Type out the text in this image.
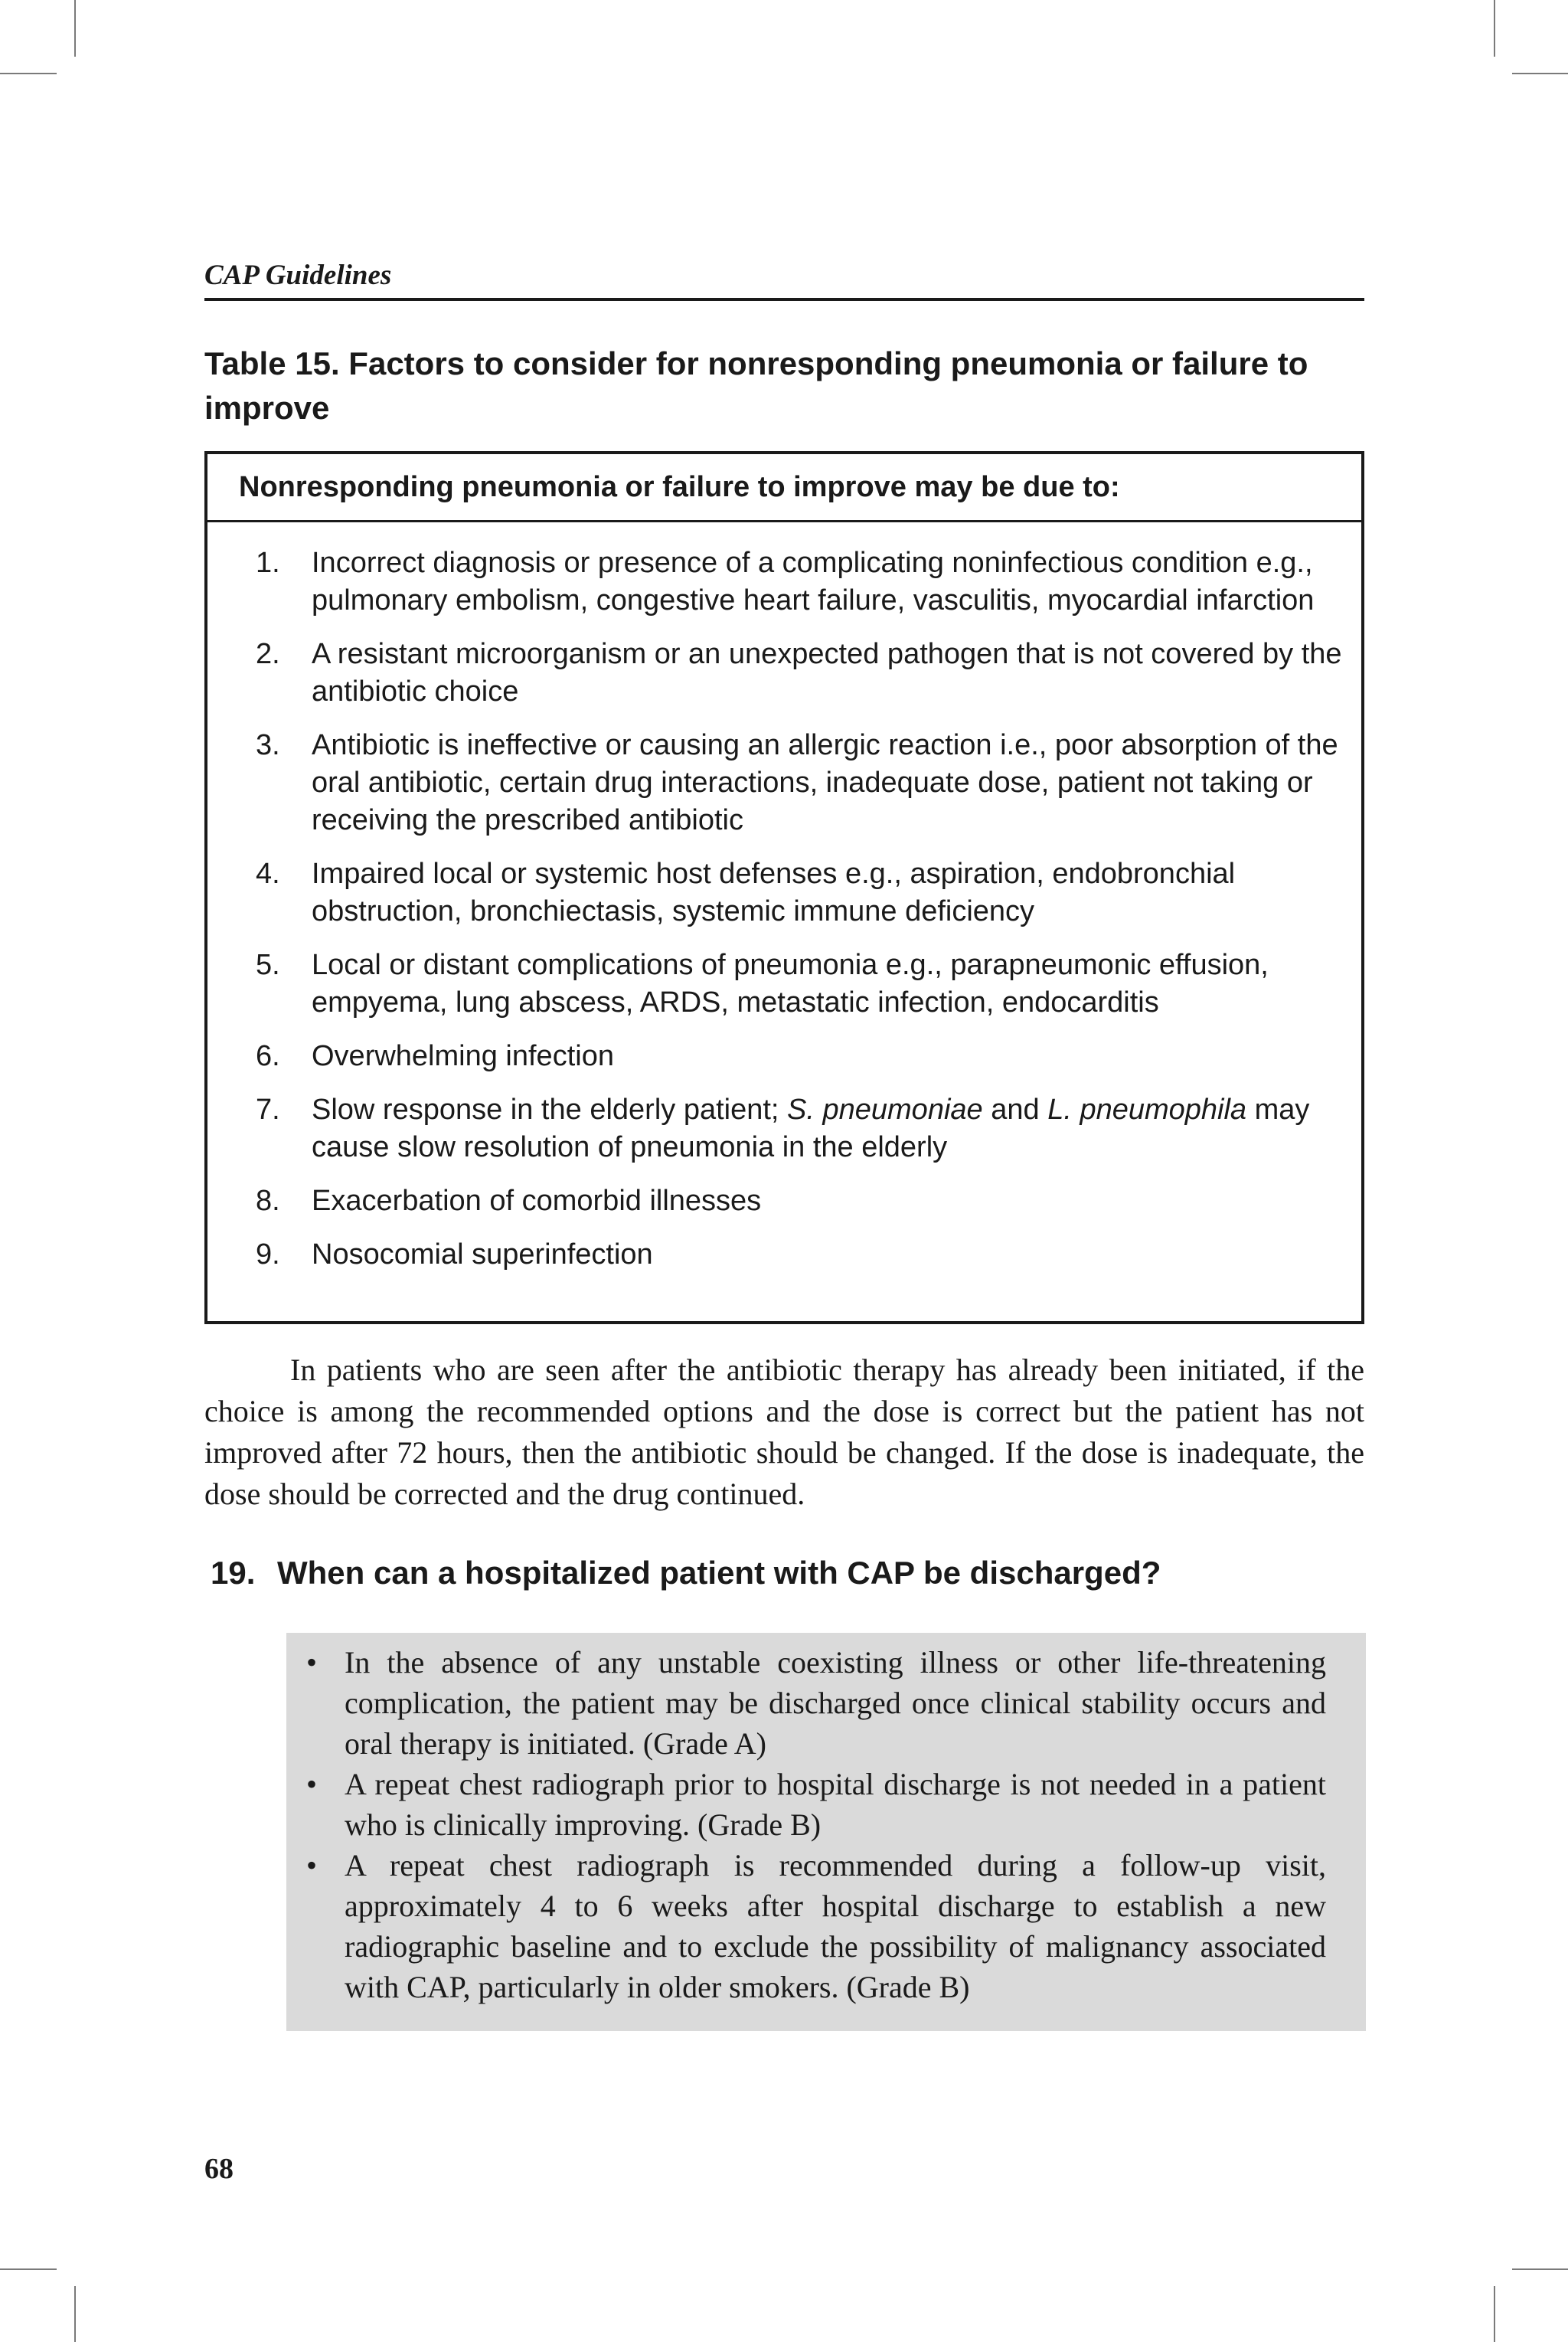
CAP Guidelines
Table 15. Factors to consider for nonresponding pneumonia or failure to improve
Nonresponding pneumonia or failure to improve may be due to:
1. Incorrect diagnosis or presence of a complicating noninfectious condition e.g., pulmonary embolism, congestive heart failure, vasculitis, myocardial infarction
2. A resistant microorganism or an unexpected pathogen that is not covered by the antibiotic choice
3. Antibiotic is ineffective or causing an allergic reaction i.e., poor absorption of the oral antibiotic, certain drug interactions, inadequate dose, patient not taking or receiving the prescribed antibiotic
4. Impaired local or systemic host defenses e.g., aspiration, endobronchial obstruction, bronchiectasis, systemic immune deficiency
5. Local or distant complications of pneumonia e.g., parapneumonic effusion, empyema, lung abscess, ARDS, metastatic infection, endocarditis
6. Overwhelming infection
7. Slow response in the elderly patient; S. pneumoniae and L. pneumophila may cause slow resolution of pneumonia in the elderly
8. Exacerbation of comorbid illnesses
9. Nosocomial superinfection
In patients who are seen after the antibiotic therapy has already been initiated, if the choice is among the recommended options and the dose is correct but the patient has not improved after 72 hours, then the antibiotic should be changed. If the dose is inadequate, the dose should be corrected and the drug continued.
19. When can a hospitalized patient with CAP be discharged?
• In the absence of any unstable coexisting illness or other life-threatening complication, the patient may be discharged once clinical stability occurs and oral therapy is initiated. (Grade A)
• A repeat chest radiograph prior to hospital discharge is not needed in a patient who is clinically improving. (Grade B)
• A repeat chest radiograph is recommended during a follow-up visit, approximately 4 to 6 weeks after hospital discharge to establish a new radiographic baseline and to exclude the possibility of malignancy associated with CAP, particularly in older smokers. (Grade B)
68
